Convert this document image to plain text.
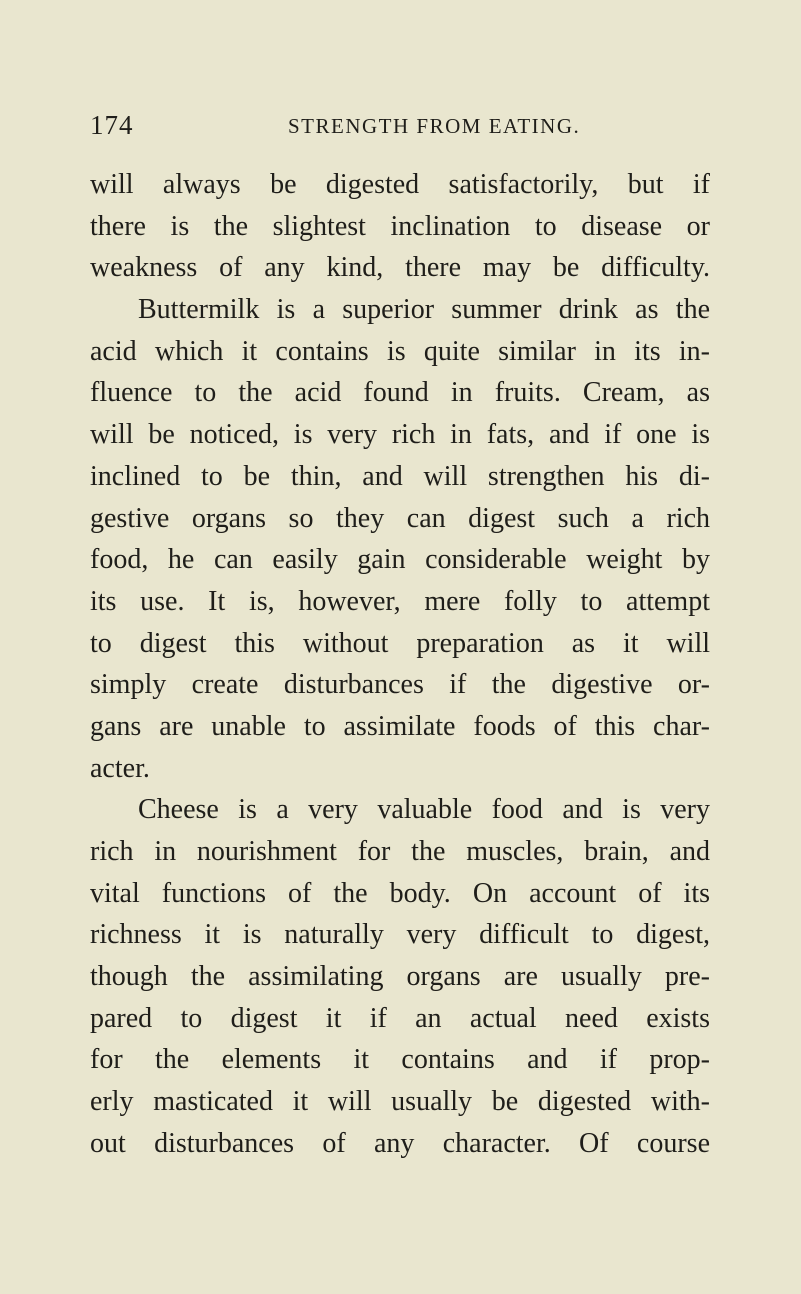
174	STRENGTH FROM EATING.
will always be digested satisfactorily, but if
there is the slightest inclination to disease or
weakness of any kind, there may be difficulty.
Buttermilk is a superior summer drink as the
acid which it contains is quite similar in its in-
fluence to the acid found in fruits. Cream, as
will be noticed, is very rich in fats, and if one is
inclined to be thin, and will strengthen his di-
gestive organs so they can digest such a rich
food, he can easily gain considerable weight by
its use. It is, however, mere folly to attempt
to digest this without preparation as it will
simply create disturbances if the digestive or-
gans are unable to assimilate foods of this char-
acter.
Cheese is a very valuable food and is very
rich in nourishment for the muscles, brain, and
vital functions of the body. On account of its
richness it is naturally very difficult to digest,
though the assimilating organs are usually pre-
pared to digest it if an actual need exists
for the elements it contains and if prop-
erly masticated it will usually be digested with-
out disturbances of any character. Of course
